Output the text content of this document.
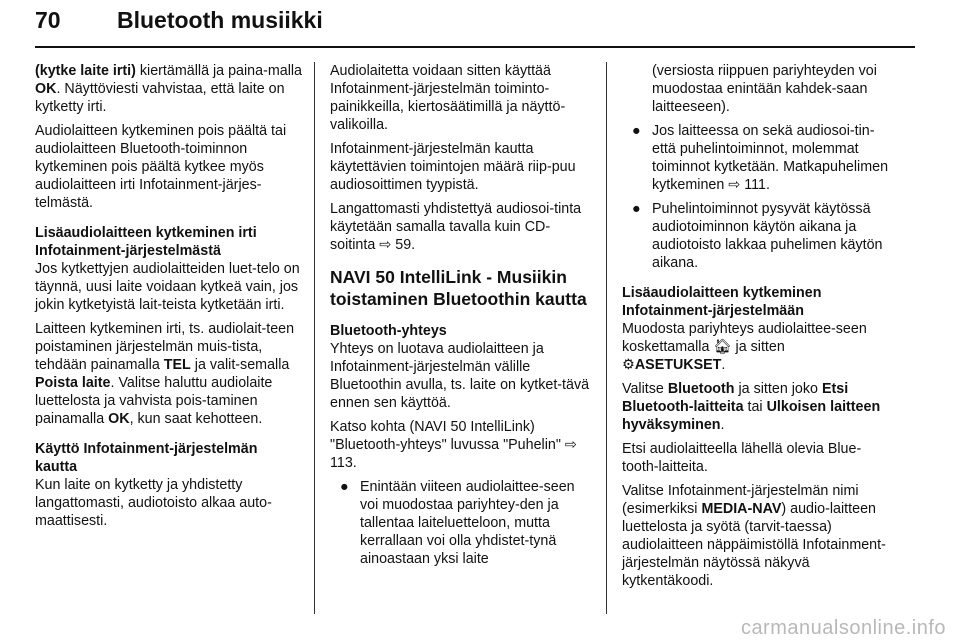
70 Bluetooth musiikki

(kytke laite irti) kiertämällä ja paina-malla OK. Näyttöviesti vahvistaa, että laite on kytketty irti.

Audiolaitteen kytkeminen pois päältä tai audiolaitteen Bluetooth-toiminnon kytkeminen pois päältä kytkee myös audiolaitteen irti Infotainment-järjes-telmästä.

Lisäaudiolaitteen kytkeminen irti Infotainment-järjestelmästä

Jos kytkettyjen audiolaitteiden luet-telo on täynnä, uusi laite voidaan kytkeä vain, jos jokin kytketyistä lait-teista kytketään irti.

Laitteen kytkeminen irti, ts. audiolait-teen poistaminen järjestelmän muis-tista, tehdään painamalla TEL ja valit-semalla Poista laite. Valitse haluttu audiolaite luettelosta ja vahvista pois-taminen painamalla OK, kun saat kehotteen.

Käyttö Infotainment-järjestelmän kautta

Kun laite on kytketty ja yhdistetty langattomasti, audiotoisto alkaa auto-maattisesti.

Audiolaitetta voidaan sitten käyttää Infotainment-järjestelmän toiminto-painikkeilla, kiertosäätimillä ja näyttö-valikoilla.

Infotainment-järjestelmän kautta käytettävien toimintojen määrä riip-puu audiosoittimen tyypistä.

Langattomasti yhdistettyä audiosoi-tinta käytetään samalla tavalla kuin CD-soitinta ⇨ 59.

NAVI 50 IntelliLink - Musiikin toistaminen Bluetoothin kautta

Bluetooth-yhteys

Yhteys on luotava audiolaitteen ja Infotainment-järjestelmän välille Bluetoothin avulla, ts. laite on kytket-tävä ennen sen käyttöä.

Katso kohta (NAVI 50 IntelliLink) "Bluetooth-yhteys" luvussa "Puhelin" ⇨ 113.

● Enintään viiteen audiolaittee-seen voi muodostaa pariyhtey-den ja tallentaa laiteluetteloon, mutta kerrallaan voi olla yhdistet-tynä ainoastaan yksi laite

(versiosta riippuen pariyhteyden voi muodostaa enintään kahdek-saan laitteeseen).

● Jos laitteessa on sekä audiosoi-tin- että puhelintoiminnot, molemmat toiminnot kytketään. Matkapuhelimen kytkeminen ⇨ 111.
● Puhelintoiminnot pysyvät käytössä audiotoiminnon käytön aikana ja audiotoisto lakkaa puhelimen käytön aikana.

Lisäaudiolaitteen kytkeminen Infotainment-järjestelmään

Muodosta pariyhteys audiolaittee-seen koskettamalla 🏠︎ ja sitten
⚙ASETUKSET.

Valitse Bluetooth ja sitten joko Etsi Bluetooth-laitteita tai Ulkoisen laitteen hyväksyminen.

Etsi audiolaitteella lähellä olevia Blue-tooth-laitteita.

Valitse Infotainment-järjestelmän nimi (esimerkiksi MEDIA-NAV) audio-laitteen luettelosta ja syötä (tarvit-taessa) audiolaitteen näppäimistöllä Infotainment-järjestelmän näytössä näkyvä kytkentäkoodi.

carmanualsonline.info
